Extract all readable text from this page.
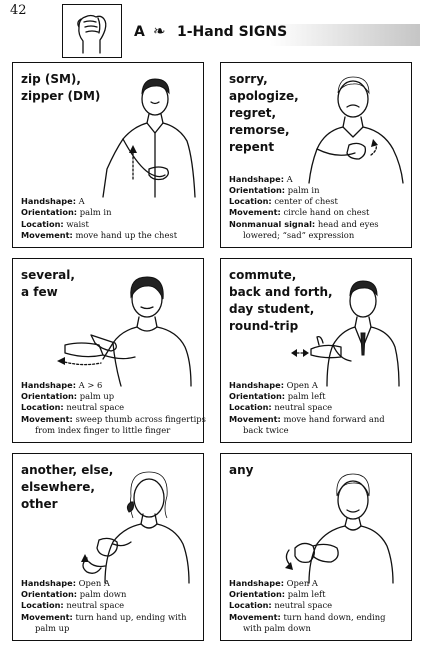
42
A ❧ 1-Hand SIGNS
zip (SM),
zipper (DM)
Handshape: A
Orientation: palm in
Location: waist
Movement: move hand up the chest
sorry,
apologize,
regret,
remorse,
repent
Handshape: A
Orientation: palm in
Location: center of chest
Movement: circle hand on chest
Nonmanual signal: head and eyes
lowered; “sad” expression
several,
a few
Handshape: A > 6
Orientation: palm up
Location: neutral space
Movement: sweep thumb across fingertips
from index finger to little finger
commute,
back and forth,
day student,
round-trip
Handshape: Open A
Orientation: palm left
Location: neutral space
Movement: move hand forward and
back twice
another, else,
elsewhere,
other
Handshape: Open A
Orientation: palm down
Location: neutral space
Movement: turn hand up, ending with
palm up
any
Handshape: Open A
Orientation: palm left
Location: neutral space
Movement: turn hand down, ending
with palm down
